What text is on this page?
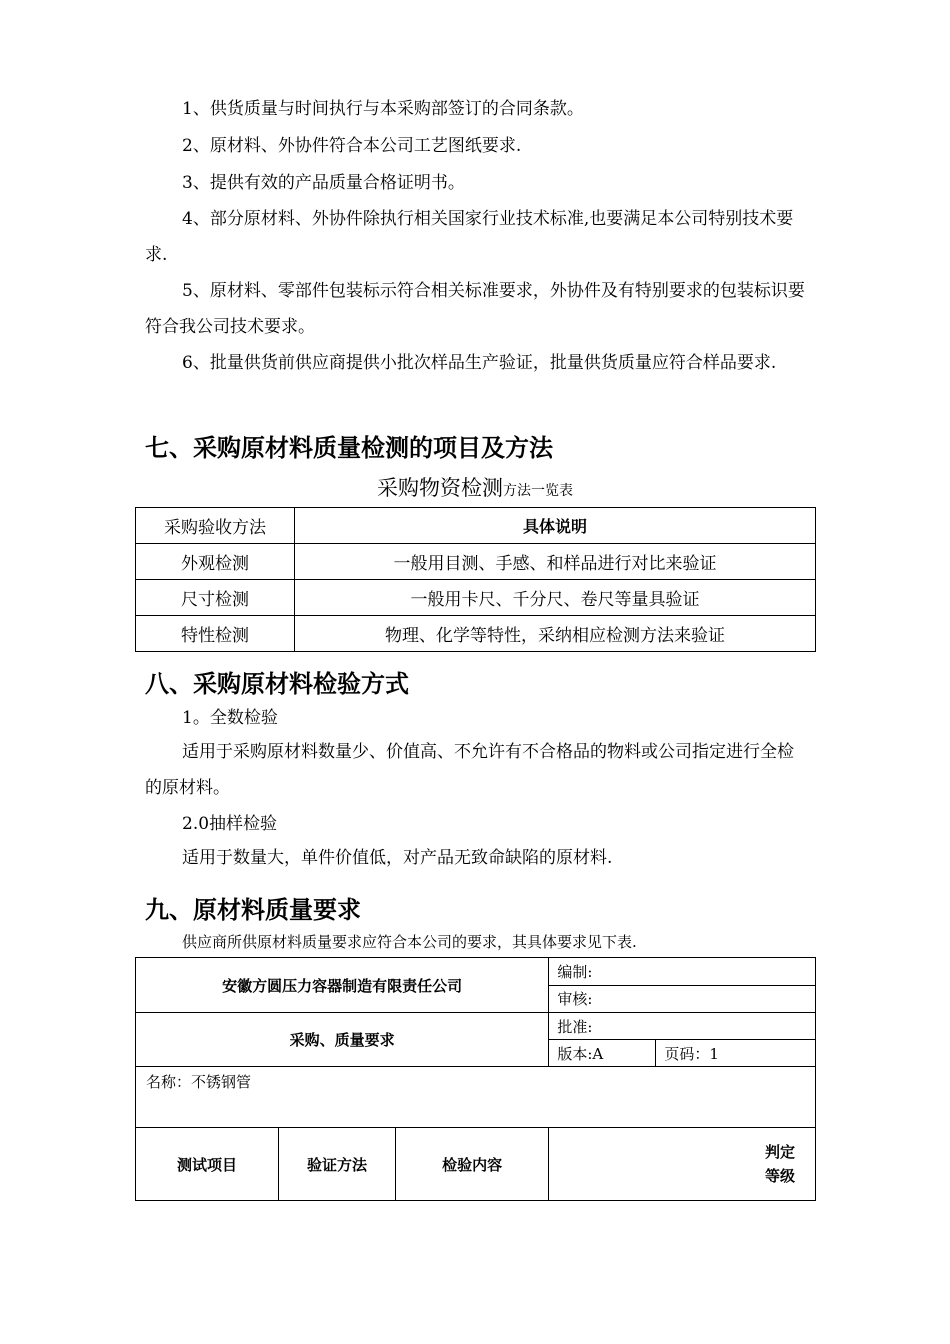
1、供货质量与时间执行与本采购部签订的合同条款。

2、原材料、外协件符合本公司工艺图纸要求.

3、提供有效的产品质量合格证明书。

4、部分原材料、外协件除执行相关国家行业技术标准,也要满足本公司特别技术要求.

5、原材料、零部件包装标示符合相关标准要求，外协件及有特别要求的包装标识要符合我公司技术要求。

6、批量供货前供应商提供小批次样品生产验证，批量供货质量应符合样品要求.

七、采购原材料质量检测的项目及方法

采购物资检测方法一览表

采购验收方法	具体说明
外观检测	一般用目测、手感、和样品进行对比来验证
尺寸检测	一般用卡尺、千分尺、卷尺等量具验证
特性检测	物理、化学等特性，采纳相应检测方法来验证
八、采购原材料检验方式

1。全数检验

适用于采购原材料数量少、价值高、不允许有不合格品的物料或公司指定进行全检的原材料。

2.0抽样检验

适用于数量大，单件价值低，对产品无致命缺陷的原材料.

九、原材料质量要求

供应商所供原材料质量要求应符合本公司的要求，其具体要求见下表.

安徽方圆压力容器制造有限责任公司			编制:	
			审核:	
采购、质量要求			批准:	
			版本:A	页码：1
名称：不锈钢管				
测试项目	验证方法	检验内容	判定
等级	
